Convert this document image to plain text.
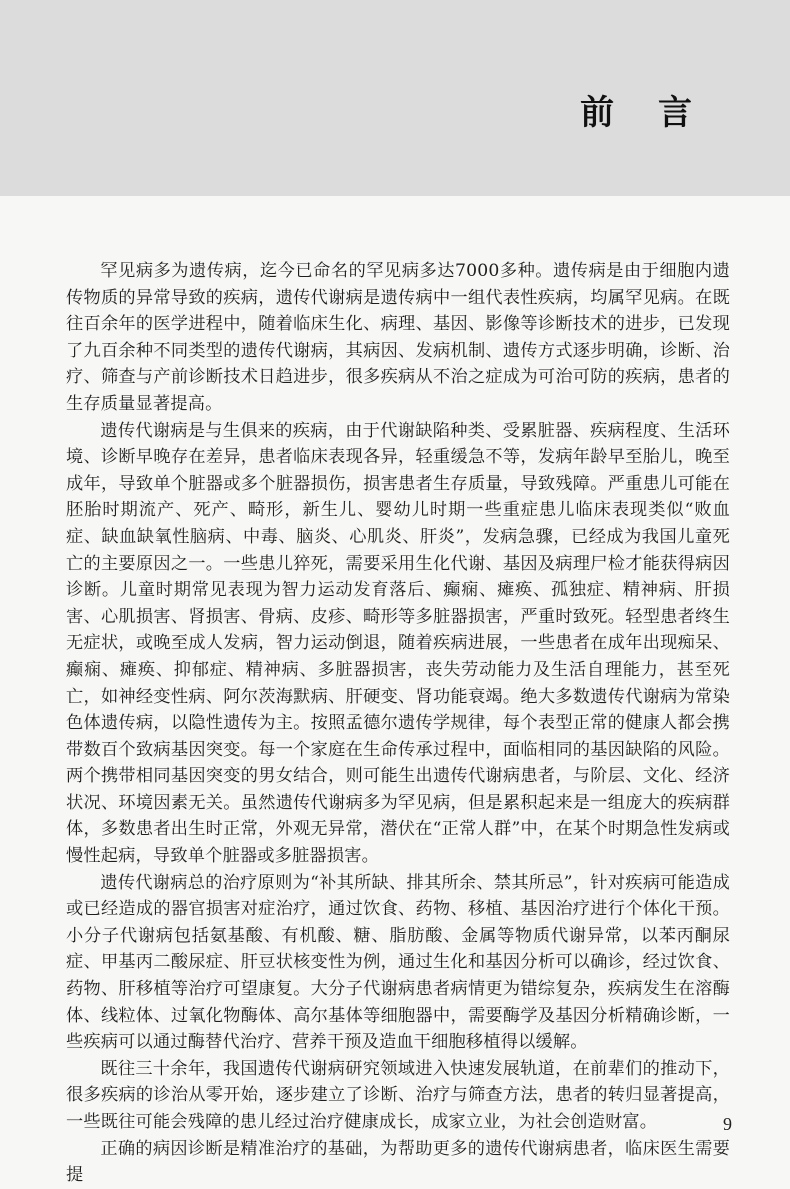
前 言

罕见病多为遗传病，迄今已命名的罕见病多达7000多种。遗传病是由于细胞内遗传物质的异常导致的疾病，遗传代谢病是遗传病中一组代表性疾病，均属罕见病。在既往百余年的医学进程中，随着临床生化、病理、基因、影像等诊断技术的进步，已发现了九百余种不同类型的遗传代谢病，其病因、发病机制、遗传方式逐步明确，诊断、治疗、筛查与产前诊断技术日趋进步，很多疾病从不治之症成为可治可防的疾病，患者的生存质量显著提高。

遗传代谢病是与生俱来的疾病，由于代谢缺陷种类、受累脏器、疾病程度、生活环境、诊断早晚存在差异，患者临床表现各异，轻重缓急不等，发病年龄早至胎儿，晚至成年，导致单个脏器或多个脏器损伤，损害患者生存质量，导致残障。严重患儿可能在胚胎时期流产、死产、畸形，新生儿、婴幼儿时期一些重症患儿临床表现类似“败血症、缺血缺氧性脑病、中毒、脑炎、心肌炎、肝炎”，发病急骤，已经成为我国儿童死亡的主要原因之一。一些患儿猝死，需要采用生化代谢、基因及病理尸检才能获得病因诊断。儿童时期常见表现为智力运动发育落后、癫痫、瘫痪、孤独症、精神病、肝损害、心肌损害、肾损害、骨病、皮疹、畸形等多脏器损害，严重时致死。轻型患者终生无症状，或晚至成人发病，智力运动倒退，随着疾病进展，一些患者在成年出现痴呆、癫痫、瘫痪、抑郁症、精神病、多脏器损害，丧失劳动能力及生活自理能力，甚至死亡，如神经变性病、阿尔茨海默病、肝硬变、肾功能衰竭。绝大多数遗传代谢病为常染色体遗传病，以隐性遗传为主。按照孟德尔遗传学规律，每个表型正常的健康人都会携带数百个致病基因突变。每一个家庭在生命传承过程中，面临相同的基因缺陷的风险。两个携带相同基因突变的男女结合，则可能生出遗传代谢病患者，与阶层、文化、经济状况、环境因素无关。虽然遗传代谢病多为罕见病，但是累积起来是一组庞大的疾病群体，多数患者出生时正常，外观无异常，潜伏在“正常人群”中，在某个时期急性发病或慢性起病，导致单个脏器或多脏器损害。

遗传代谢病总的治疗原则为“补其所缺、排其所余、禁其所忌”，针对疾病可能造成或已经造成的器官损害对症治疗，通过饮食、药物、移植、基因治疗进行个体化干预。小分子代谢病包括氨基酸、有机酸、糖、脂肪酸、金属等物质代谢异常，以苯丙酮尿症、甲基丙二酸尿症、肝豆状核变性为例，通过生化和基因分析可以确诊，经过饮食、药物、肝移植等治疗可望康复。大分子代谢病患者病情更为错综复杂，疾病发生在溶酶体、线粒体、过氧化物酶体、高尔基体等细胞器中，需要酶学及基因分析精确诊断，一些疾病可以通过酶替代治疗、营养干预及造血干细胞移植得以缓解。

既往三十余年，我国遗传代谢病研究领域进入快速发展轨道，在前辈们的推动下，很多疾病的诊治从零开始，逐步建立了诊断、治疗与筛查方法，患者的转归显著提高，一些既往可能会残障的患儿经过治疗健康成长，成家立业，为社会创造财富。

正确的病因诊断是精准治疗的基础，为帮助更多的遗传代谢病患者，临床医生需要提

9
